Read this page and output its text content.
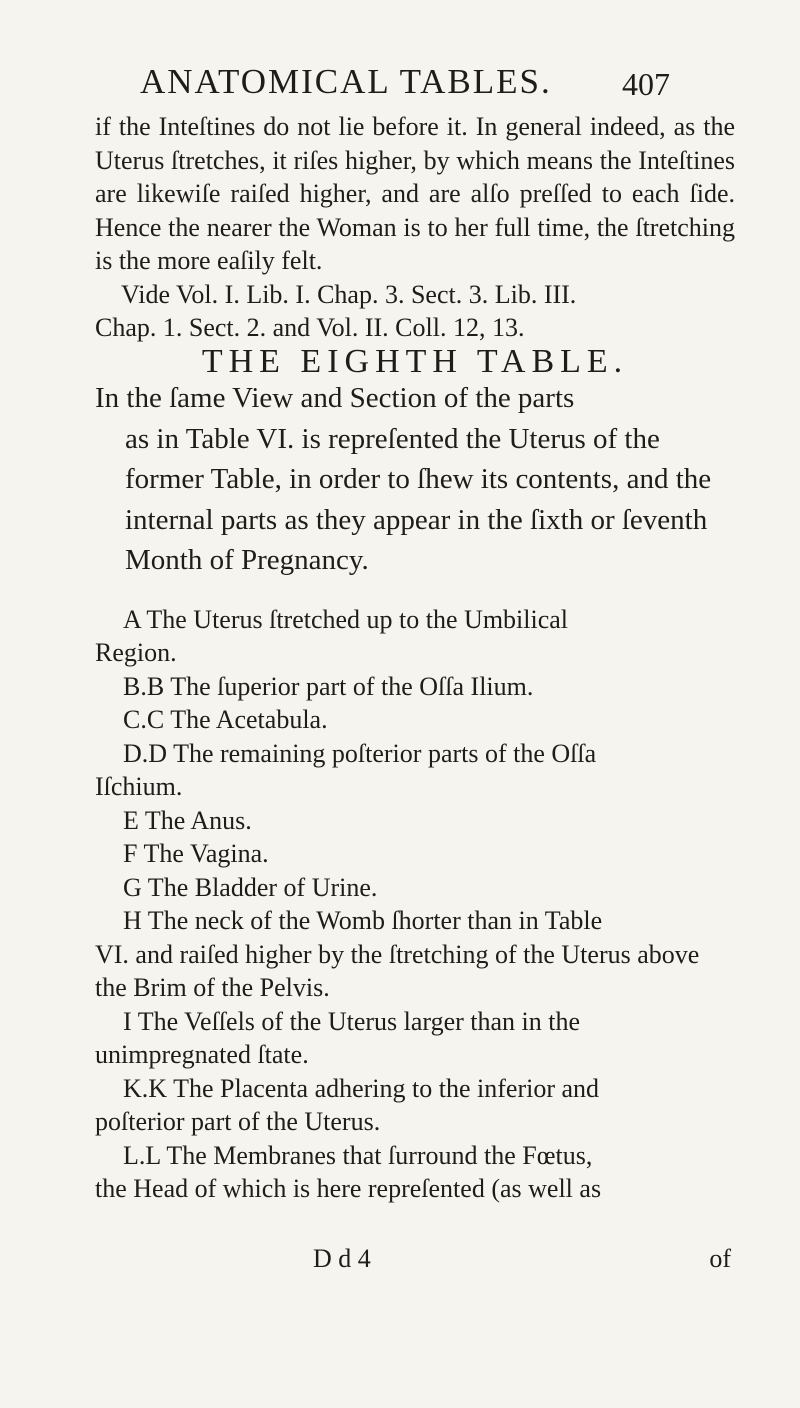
ANATOMICAL TABLES. 407

if the Inteſtines do not lie before it. In general indeed, as the Uterus ſtretches, it riſes higher, by which means the Inteſtines are likewiſe raiſed higher, and are alſo preſſed to each ſide. Hence the nearer the Woman is to her full time, the ſtretching is the more eaſily felt.

Vide Vol. I. Lib. I. Chap. 3. Sect. 3. Lib. III.
Chap. 1. Sect. 2. and Vol. II. Coll. 12, 13.

THE EIGHTH TABLE.

In the ſame View and Section of the parts
as in Table VI. is repreſented the Uterus of the former Table, in order to ſhew its contents, and the internal parts as they appear in the ſixth or ſeventh Month of Pregnancy.

A The Uterus ſtretched up to the Umbilical
Region.

B.B The ſuperior part of the Oſſa Ilium.

C.C The Acetabula.

D.D The remaining poſterior parts of the Oſſa
Iſchium.

E The Anus.

F The Vagina.

G The Bladder of Urine.

H The neck of the Womb ſhorter than in Table
VI. and raiſed higher by the ſtretching of the Uterus above the Brim of the Pelvis.

I The Veſſels of the Uterus larger than in the
unimpregnated ſtate.

K.K The Placenta adhering to the inferior and
poſterior part of the Uterus.

L.L The Membranes that ſurround the Fœtus,
the Head of which is here repreſented (as well as

D d 4	of
